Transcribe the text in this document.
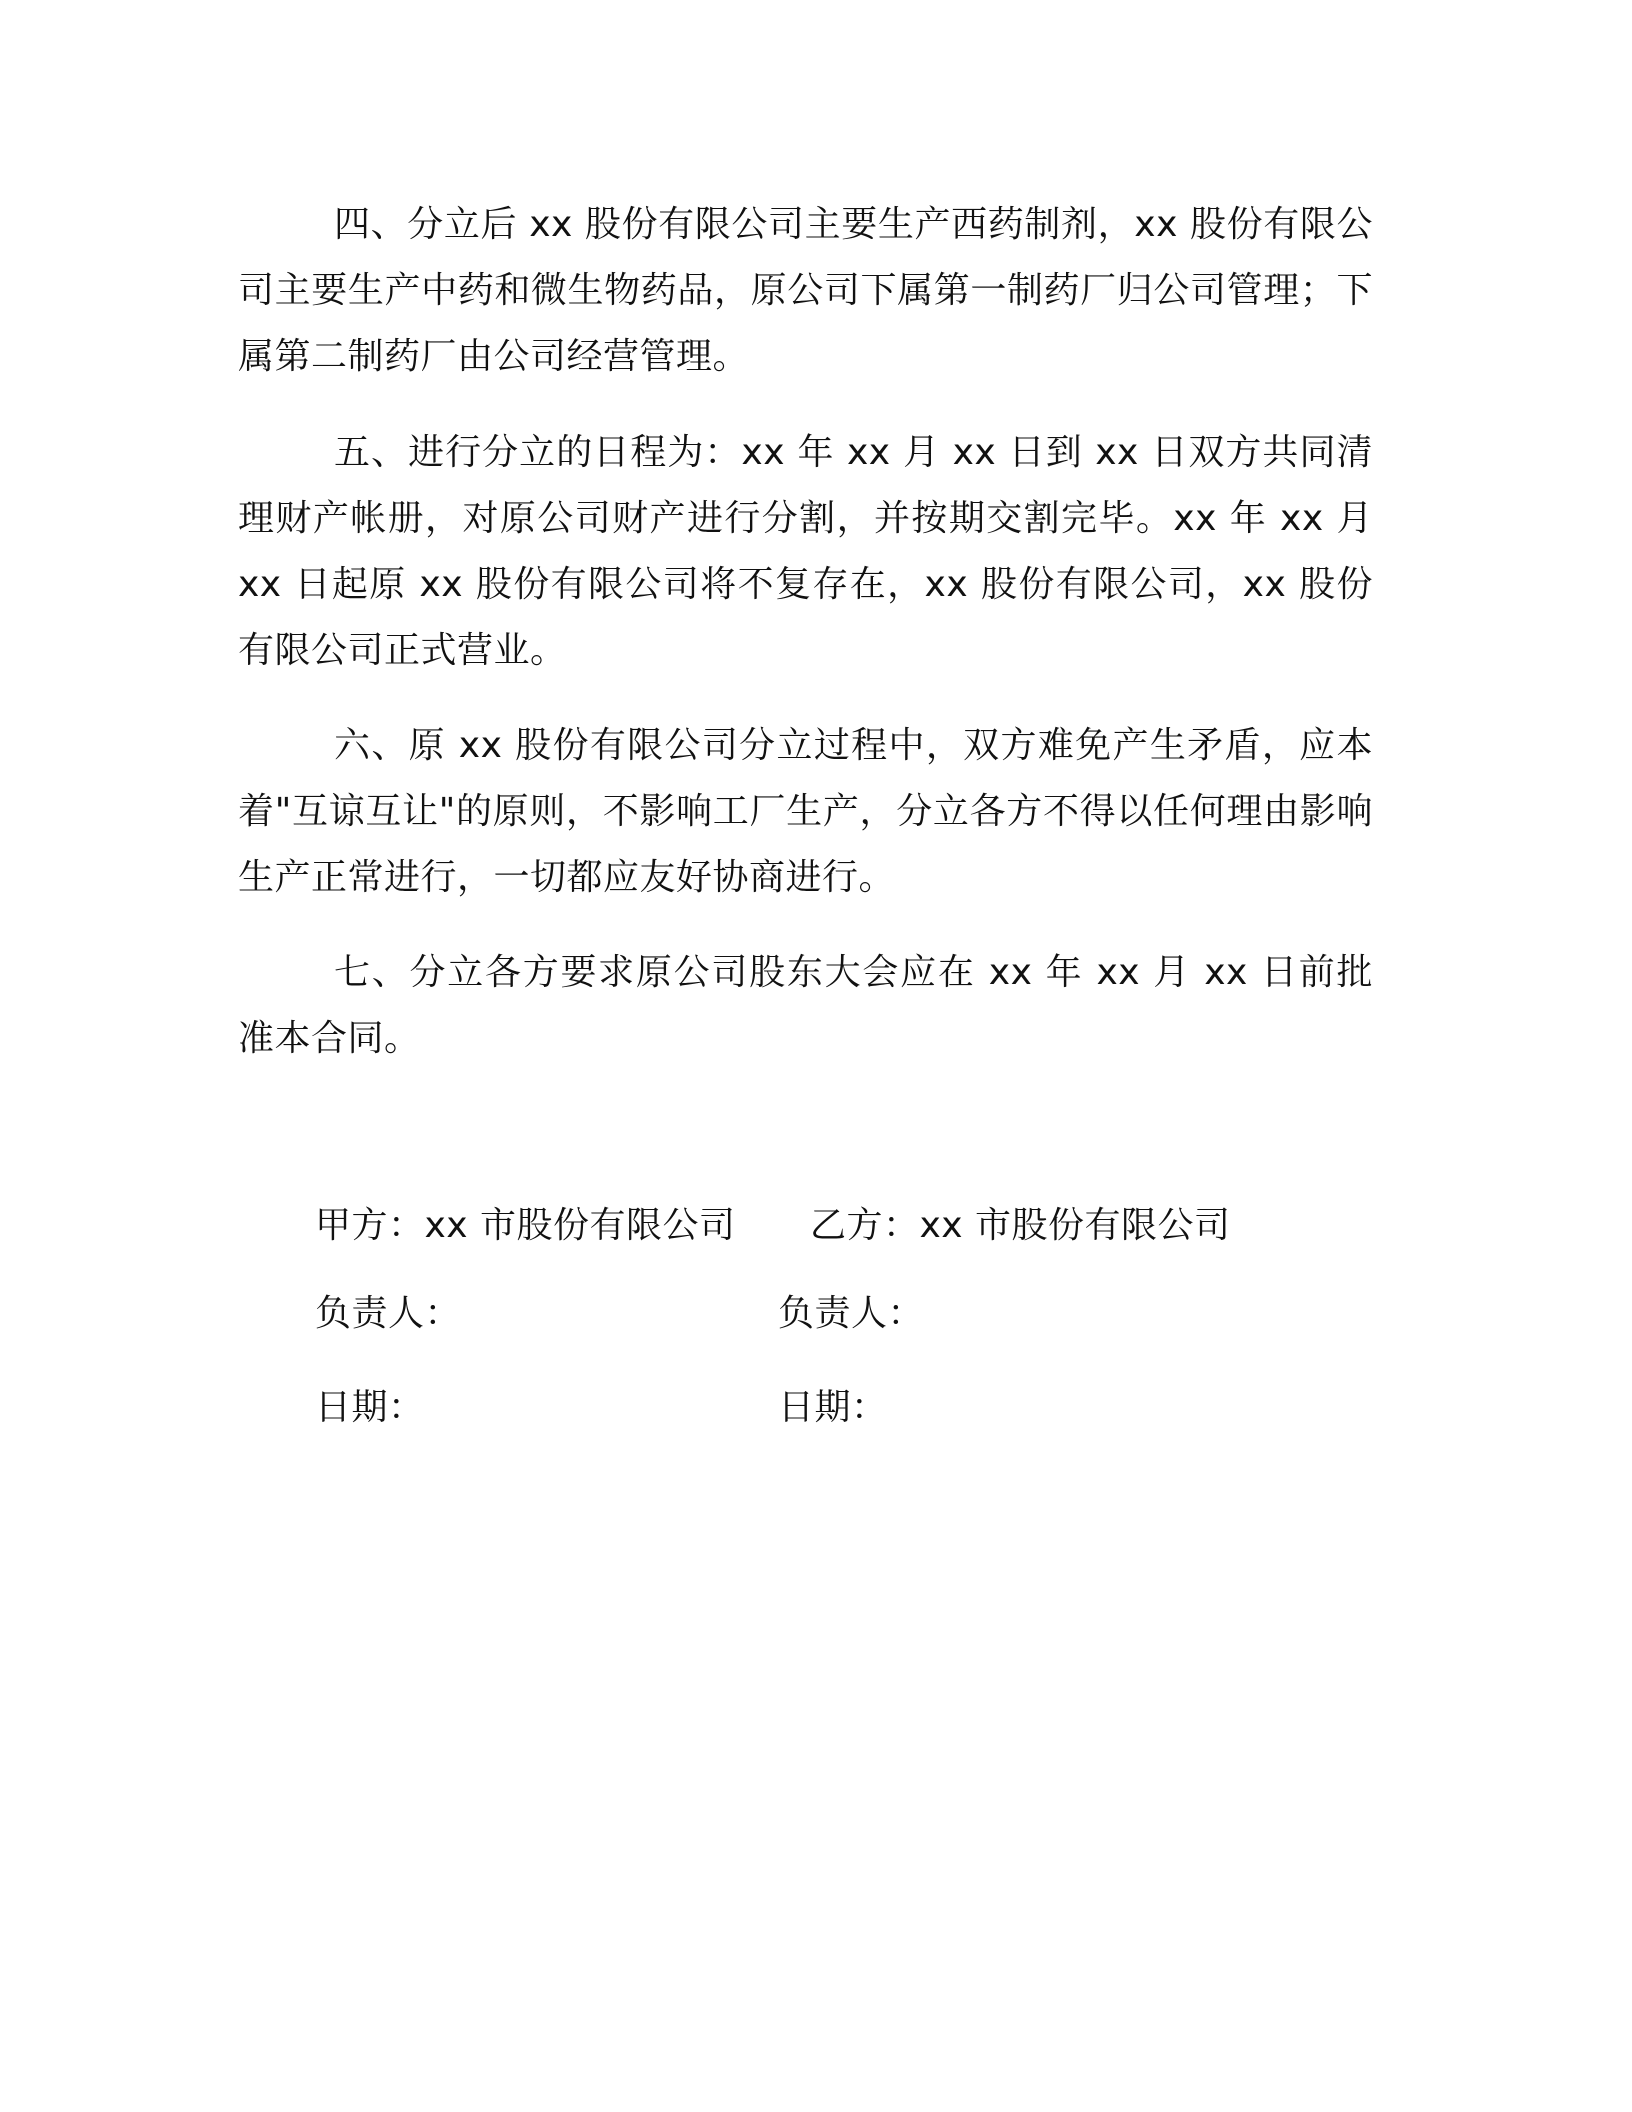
四、分立后 xx 股份有限公司主要生产西药制剂，xx 股份有限公司主要生产中药和微生物药品，原公司下属第一制药厂归公司管理；下属第二制药厂由公司经营管理。

五、进行分立的日程为：xx 年 xx 月 xx 日到 xx 日双方共同清理财产帐册，对原公司财产进行分割，并按期交割完毕。xx 年 xx 月 xx 日起原 xx 股份有限公司将不复存在，xx 股份有限公司，xx 股份有限公司正式营业。

六、原 xx 股份有限公司分立过程中，双方难免产生矛盾，应本着"互谅互让"的原则，不影响工厂生产，分立各方不得以任何理由影响生产正常进行，一切都应友好协商进行。

七、分立各方要求原公司股东大会应在 xx 年 xx 月 xx 日前批准本合同。

甲方：xx 市股份有限公司 乙方：xx 市股份有限公司
负责人：	负责人：
日期：	日期：
